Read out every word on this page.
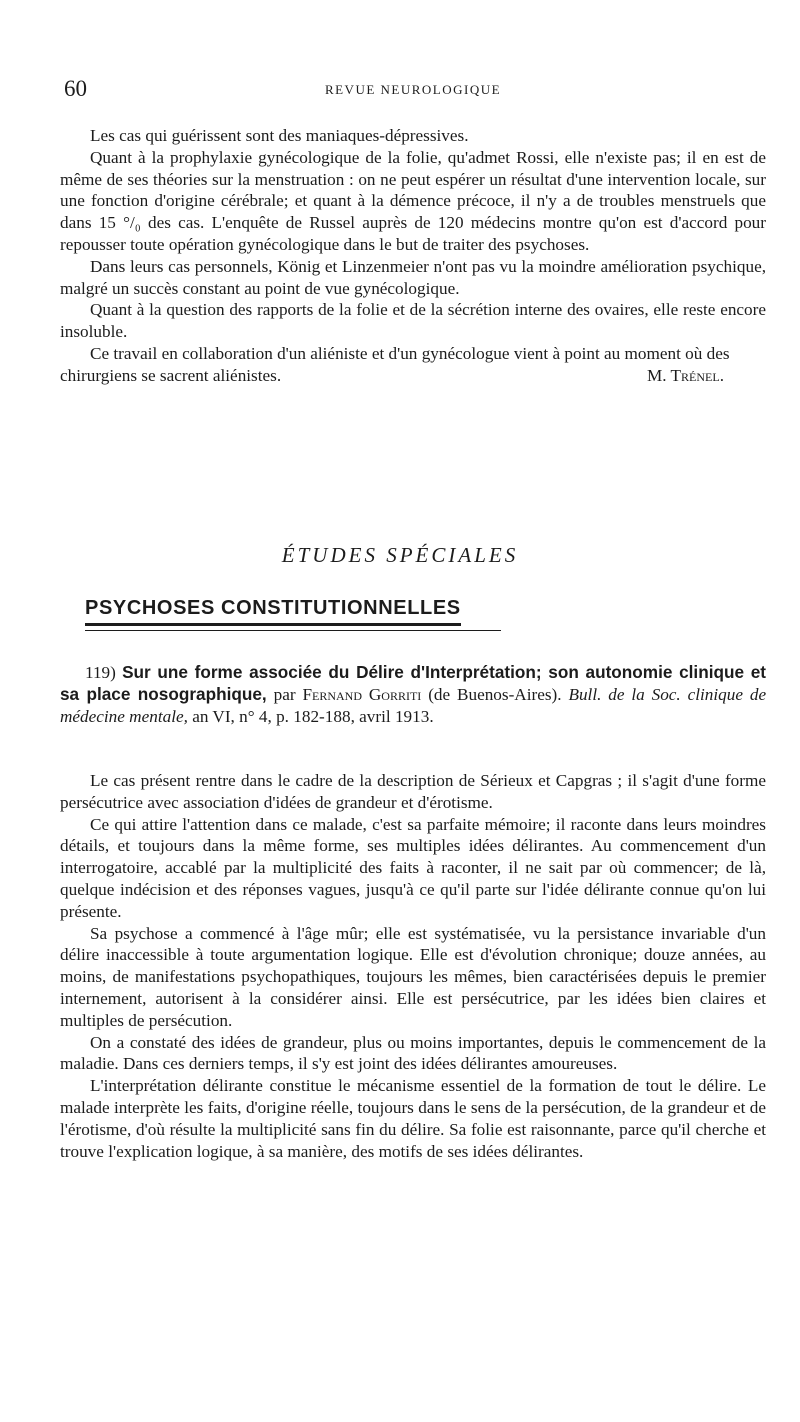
60	REVUE NEUROLOGIQUE

Les cas qui guérissent sont des maniaques-dépressives.

Quant à la prophylaxie gynécologique de la folie, qu'admet Rossi, elle n'existe pas; il en est de même de ses théories sur la menstruation : on ne peut espérer un résultat d'une intervention locale, sur une fonction d'origine cérébrale; et quant à la démence précoce, il n'y a de troubles menstruels que dans 15 °/₀ des cas. L'enquête de Russel auprès de 120 médecins montre qu'on est d'accord pour repousser toute opération gynécologique dans le but de traiter des psychoses.

Dans leurs cas personnels, König et Linzenmeier n'ont pas vu la moindre amélioration psychique, malgré un succès constant au point de vue gynécologique.

Quant à la question des rapports de la folie et de la sécrétion interne des ovaires, elle reste encore insoluble.

Ce travail en collaboration d'un aliéniste et d'un gynécologue vient à point au moment où des chirurgiens se sacrent aliénistes.	M. Trénel.

ÉTUDES SPÉCIALES
PSYCHOSES CONSTITUTIONNELLES

119) Sur une forme associée du Délire d'Interprétation; son autonomie clinique et sa place nosographique, par Fernand Gorriti (de Buenos-Aires). Bull. de la Soc. clinique de médecine mentale, an VI, n° 4, p. 182-188, avril 1913.

Le cas présent rentre dans le cadre de la description de Sérieux et Capgras ; il s'agit d'une forme persécutrice avec association d'idées de grandeur et d'érotisme.

Ce qui attire l'attention dans ce malade, c'est sa parfaite mémoire; il raconte dans leurs moindres détails, et toujours dans la même forme, ses multiples idées délirantes. Au commencement d'un interrogatoire, accablé par la multiplicité des faits à raconter, il ne sait par où commencer; de là, quelque indécision et des réponses vagues, jusqu'à ce qu'il parte sur l'idée délirante connue qu'on lui présente.

Sa psychose a commencé à l'âge mûr; elle est systématisée, vu la persistance invariable d'un délire inaccessible à toute argumentation logique. Elle est d'évolution chronique; douze années, au moins, de manifestations psychopathiques, toujours les mêmes, bien caractérisées depuis le premier internement, autorisent à la considérer ainsi. Elle est persécutrice, par les idées bien claires et multiples de persécution.

On a constaté des idées de grandeur, plus ou moins importantes, depuis le commencement de la maladie. Dans ces derniers temps, il s'y est joint des idées délirantes amoureuses.

L'interprétation délirante constitue le mécanisme essentiel de la formation de tout le délire. Le malade interprète les faits, d'origine réelle, toujours dans le sens de la persécution, de la grandeur et de l'érotisme, d'où résulte la multiplicité sans fin du délire. Sa folie est raisonnante, parce qu'il cherche et trouve l'explication logique, à sa manière, des motifs de ses idées délirantes.
